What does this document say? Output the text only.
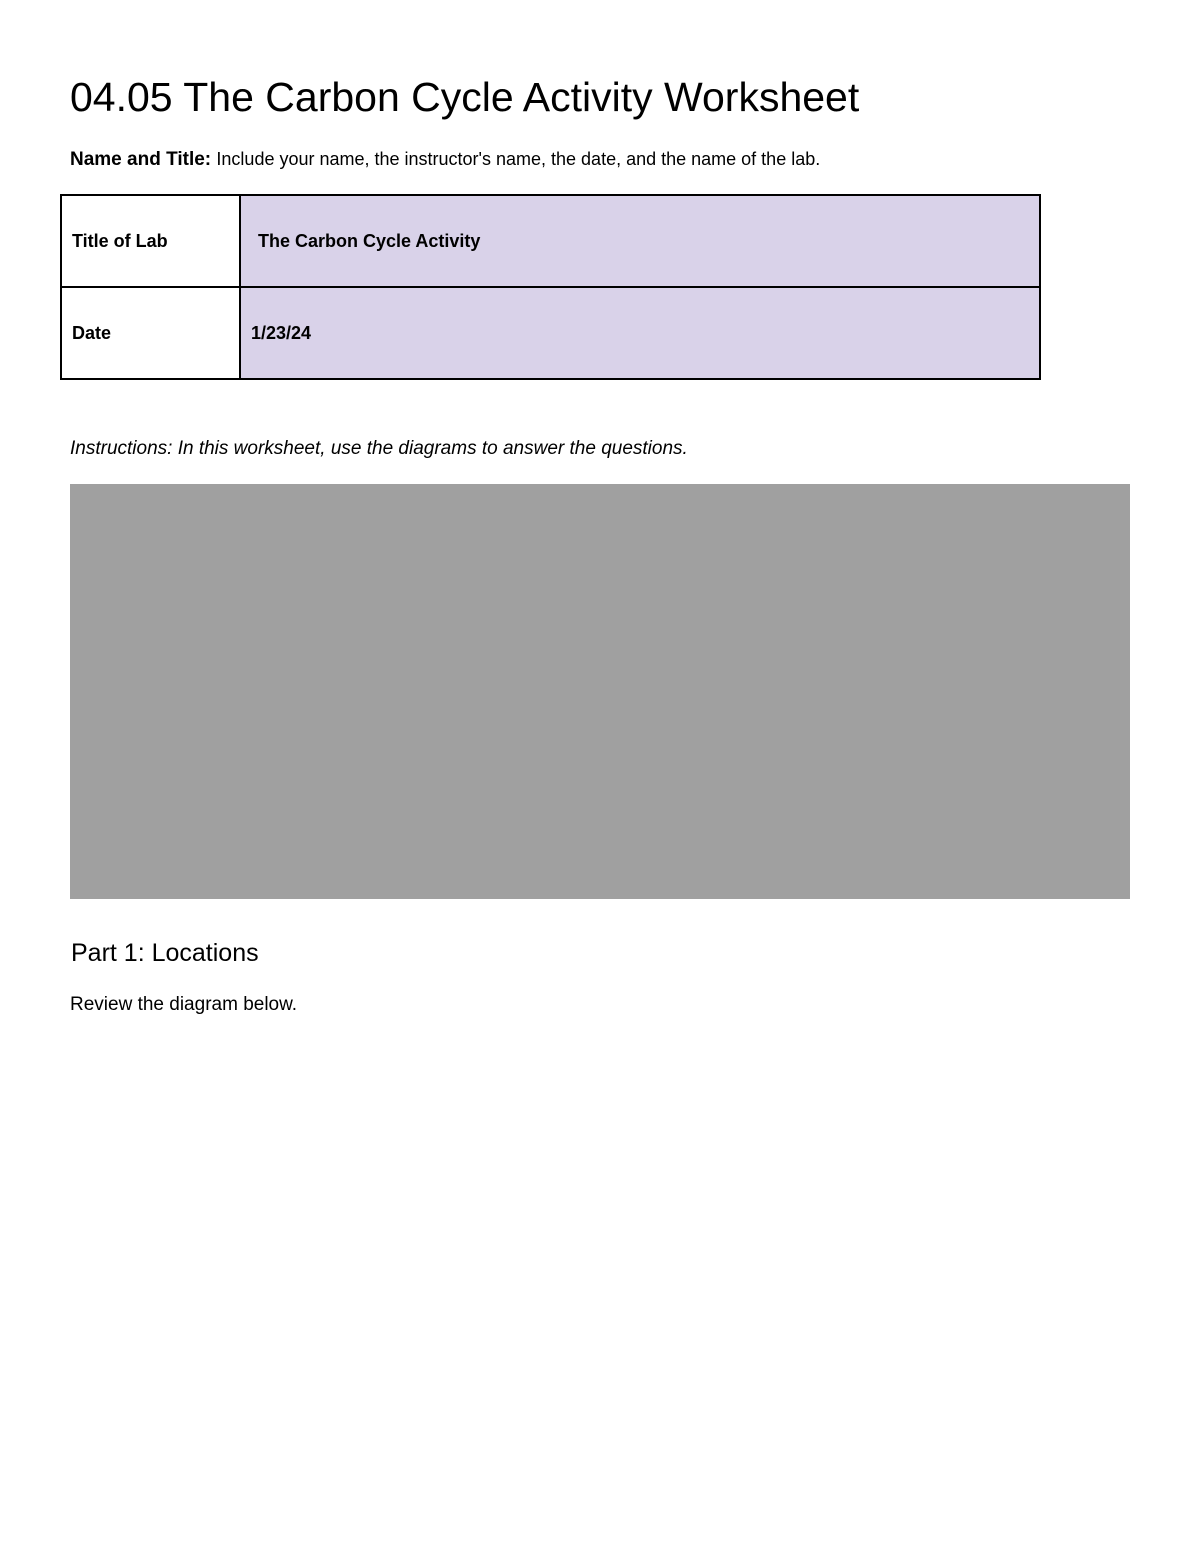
04.05 The Carbon Cycle Activity Worksheet

Name and Title: Include your name, the instructor's name, the date, and the name of the lab.

Title of Lab	The Carbon Cycle Activity
Date	1/23/24

Instructions: In this worksheet, use the diagrams to answer the questions.

Part 1: Locations

Review the diagram below.
